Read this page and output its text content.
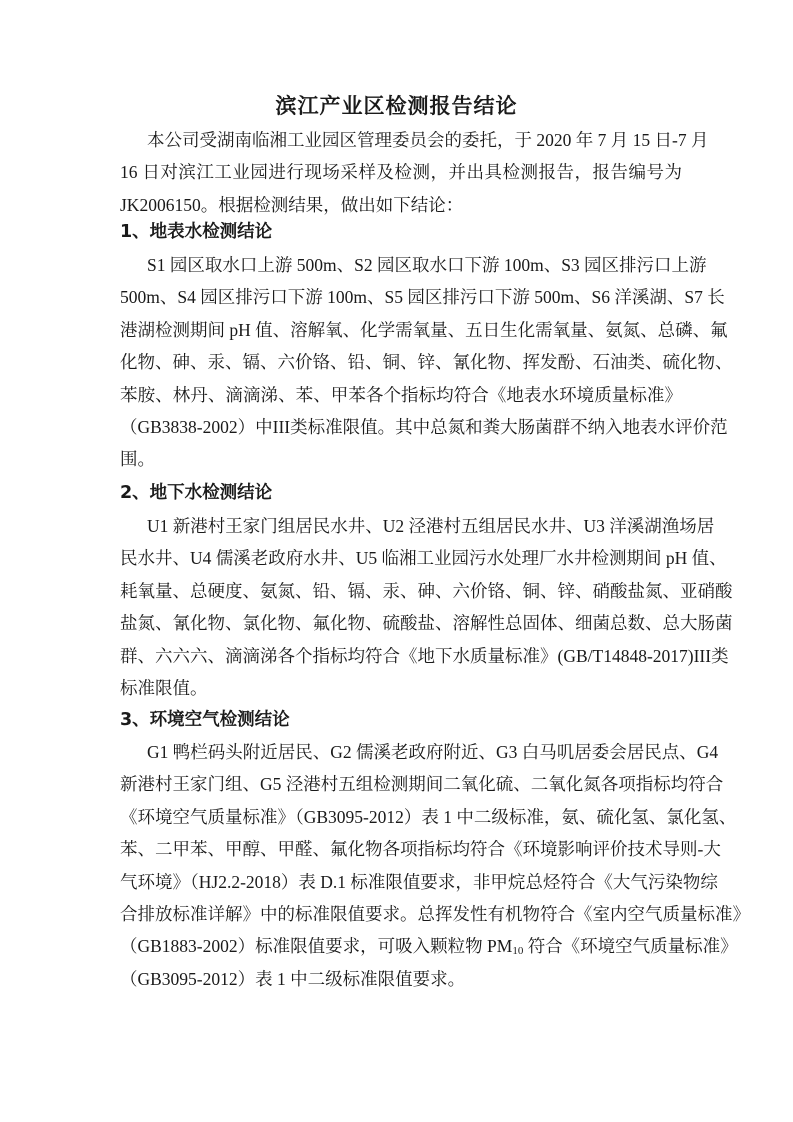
滨江产业区检测报告结论
本公司受湖南临湘工业园区管理委员会的委托，于 2020 年 7 月 15 日-7 月
16 日对滨江工业园进行现场采样及检测，并出具检测报告，报告编号为
JK2006150。根据检测结果，做出如下结论：
1、地表水检测结论
S1 园区取水口上游 500m、S2 园区取水口下游 100m、S3 园区排污口上游
500m、S4 园区排污口下游 100m、S5 园区排污口下游 500m、S6 洋溪湖、S7 长
港湖检测期间 pH 值、溶解氧、化学需氧量、五日生化需氧量、氨氮、总磷、氟
化物、砷、汞、镉、六价铬、铅、铜、锌、氰化物、挥发酚、石油类、硫化物、
苯胺、林丹、滴滴涕、苯、甲苯各个指标均符合《地表水环境质量标准》
（GB3838-2002）中III类标准限值。其中总氮和粪大肠菌群不纳入地表水评价范
围。
2、地下水检测结论
U1 新港村王家门组居民水井、U2 泾港村五组居民水井、U3 洋溪湖渔场居
民水井、U4 儒溪老政府水井、U5 临湘工业园污水处理厂水井检测期间 pH 值、
耗氧量、总硬度、氨氮、铅、镉、汞、砷、六价铬、铜、锌、硝酸盐氮、亚硝酸
盐氮、氰化物、氯化物、氟化物、硫酸盐、溶解性总固体、细菌总数、总大肠菌
群、六六六、滴滴涕各个指标均符合《地下水质量标准》(GB/T14848-2017)III类
标准限值。
3、环境空气检测结论
G1 鸭栏码头附近居民、G2 儒溪老政府附近、G3 白马叽居委会居民点、G4
新港村王家门组、G5 泾港村五组检测期间二氧化硫、二氧化氮各项指标均符合
《环境空气质量标准》（GB3095-2012）表 1 中二级标准，氨、硫化氢、氯化氢、
苯、二甲苯、甲醇、甲醛、氟化物各项指标均符合《环境影响评价技术导则-大
气环境》（HJ2.2-2018）表 D.1 标准限值要求，非甲烷总烃符合《大气污染物综
合排放标准详解》中的标准限值要求。总挥发性有机物符合《室内空气质量标准》
（GB1883-2002）标准限值要求，可吸入颗粒物 $PM_{10}$ 符合《环境空气质量标准》
（GB3095-2012）表 1 中二级标准限值要求。
